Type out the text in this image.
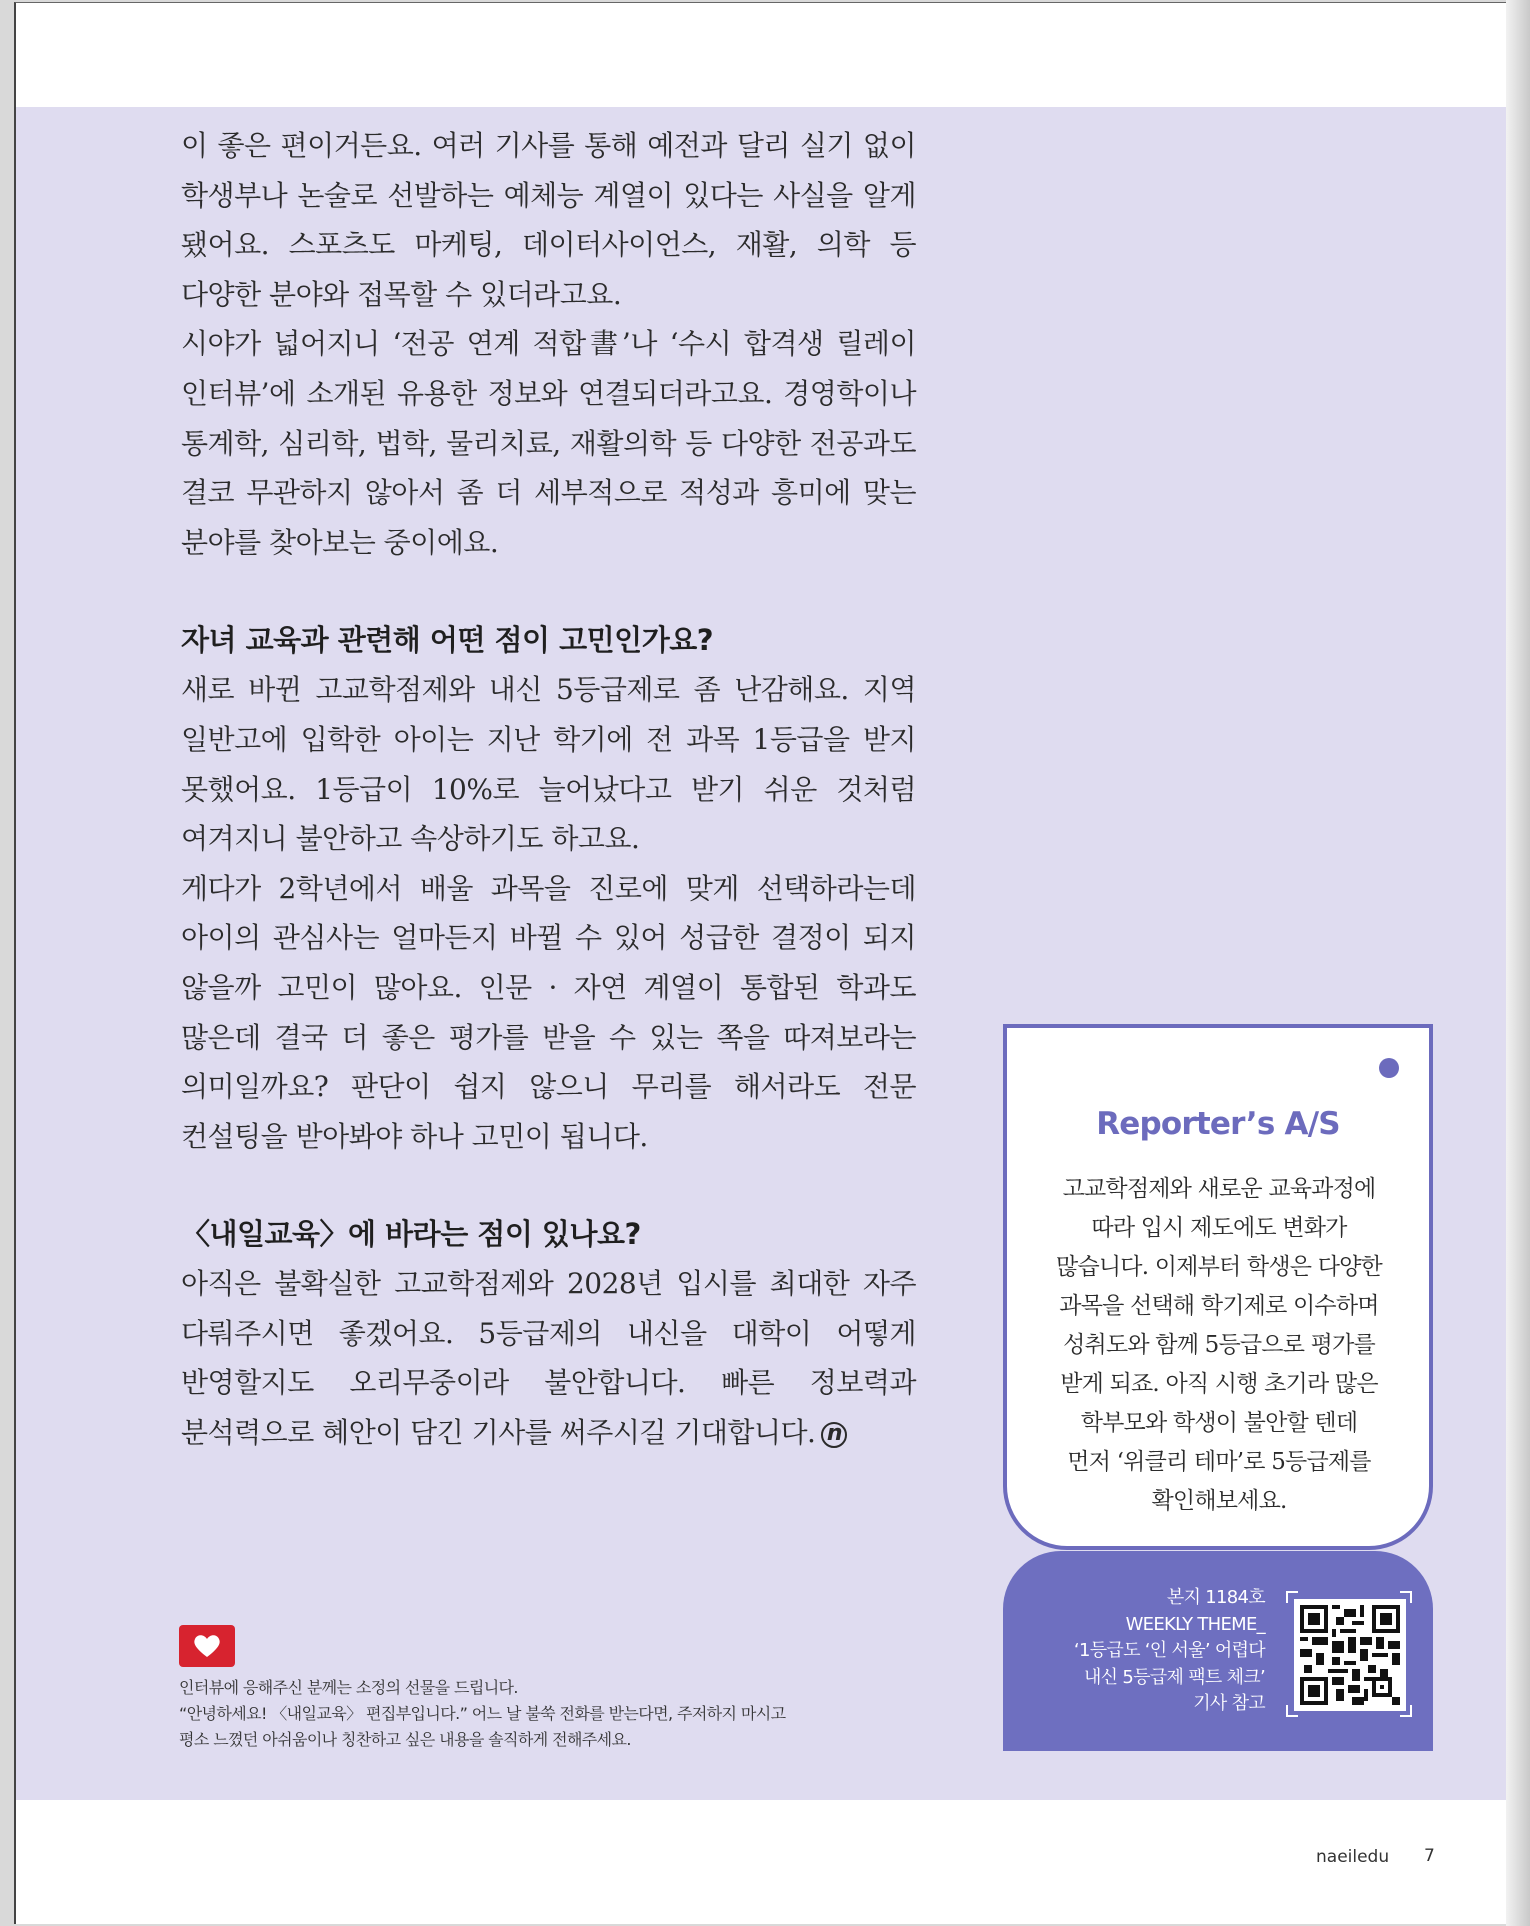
이 좋은 편이거든요. 여러 기사를 통해 예전과 달리 실기 없이 학생부나 논술로 선발하는 예체능 계열이 있다는 사실을 알게 됐어요. 스포츠도 마케팅, 데이터사이언스, 재활, 의학 등 다양한 분야와 접목할 수 있더라고요.

시야가 넓어지니 ‘전공 연계 적합書’나 ‘수시 합격생 릴레이 인터뷰’에 소개된 유용한 정보와 연결되더라고요. 경영학이나 통계학, 심리학, 법학, 물리치료, 재활의학 등 다양한 전공과도 결코 무관하지 않아서 좀 더 세부적으로 적성과 흥미에 맞는 분야를 찾아보는 중이에요.

자녀 교육과 관련해 어떤 점이 고민인가요?

새로 바뀐 고교학점제와 내신 5등급제로 좀 난감해요. 지역 일반고에 입학한 아이는 지난 학기에 전 과목 1등급을 받지 못했어요. 1등급이 10%로 늘어났다고 받기 쉬운 것처럼 여겨지니 불안하고 속상하기도 하고요.

게다가 2학년에서 배울 과목을 진로에 맞게 선택하라는데 아이의 관심사는 얼마든지 바뀔 수 있어 성급한 결정이 되지 않을까 고민이 많아요. 인문 · 자연 계열이 통합된 학과도 많은데 결국 더 좋은 평가를 받을 수 있는 쪽을 따져보라는 의미일까요? 판단이 쉽지 않으니 무리를 해서라도 전문 컨설팅을 받아봐야 하나 고민이 됩니다.

〈내일교육〉에 바라는 점이 있나요?

아직은 불확실한 고교학점제와 2028년 입시를 최대한 자주 다뤄주시면 좋겠어요. 5등급제의 내신을 대학이 어떻게 반영할지도 오리무중이라 불안합니다. 빠른 정보력과 분석력으로 혜안이 담긴 기사를 써주시길 기대합니다. n

인터뷰에 응해주신 분께는 소정의 선물을 드립니다.
“안녕하세요! 〈내일교육〉 편집부입니다.” 어느 날 불쑥 전화를 받는다면, 주저하지 마시고
평소 느꼈던 아쉬움이나 칭찬하고 싶은 내용을 솔직하게 전해주세요.
Reporter’s A/S
고교학점제와 새로운 교육과정에
따라 입시 제도에도 변화가
많습니다. 이제부터 학생은 다양한
과목을 선택해 학기제로 이수하며
성취도와 함께 5등급으로 평가를
받게 되죠. 아직 시행 초기라 많은
학부모와 학생이 불안할 텐데
먼저 ‘위클리 테마’로 5등급제를
확인해보세요.
본지 1184호
WEEKLY THEME_
‘1등급도 ‘인 서울’ 어렵다
내신 5등급제 팩트 체크’
기사 참고
naeiledu 7
